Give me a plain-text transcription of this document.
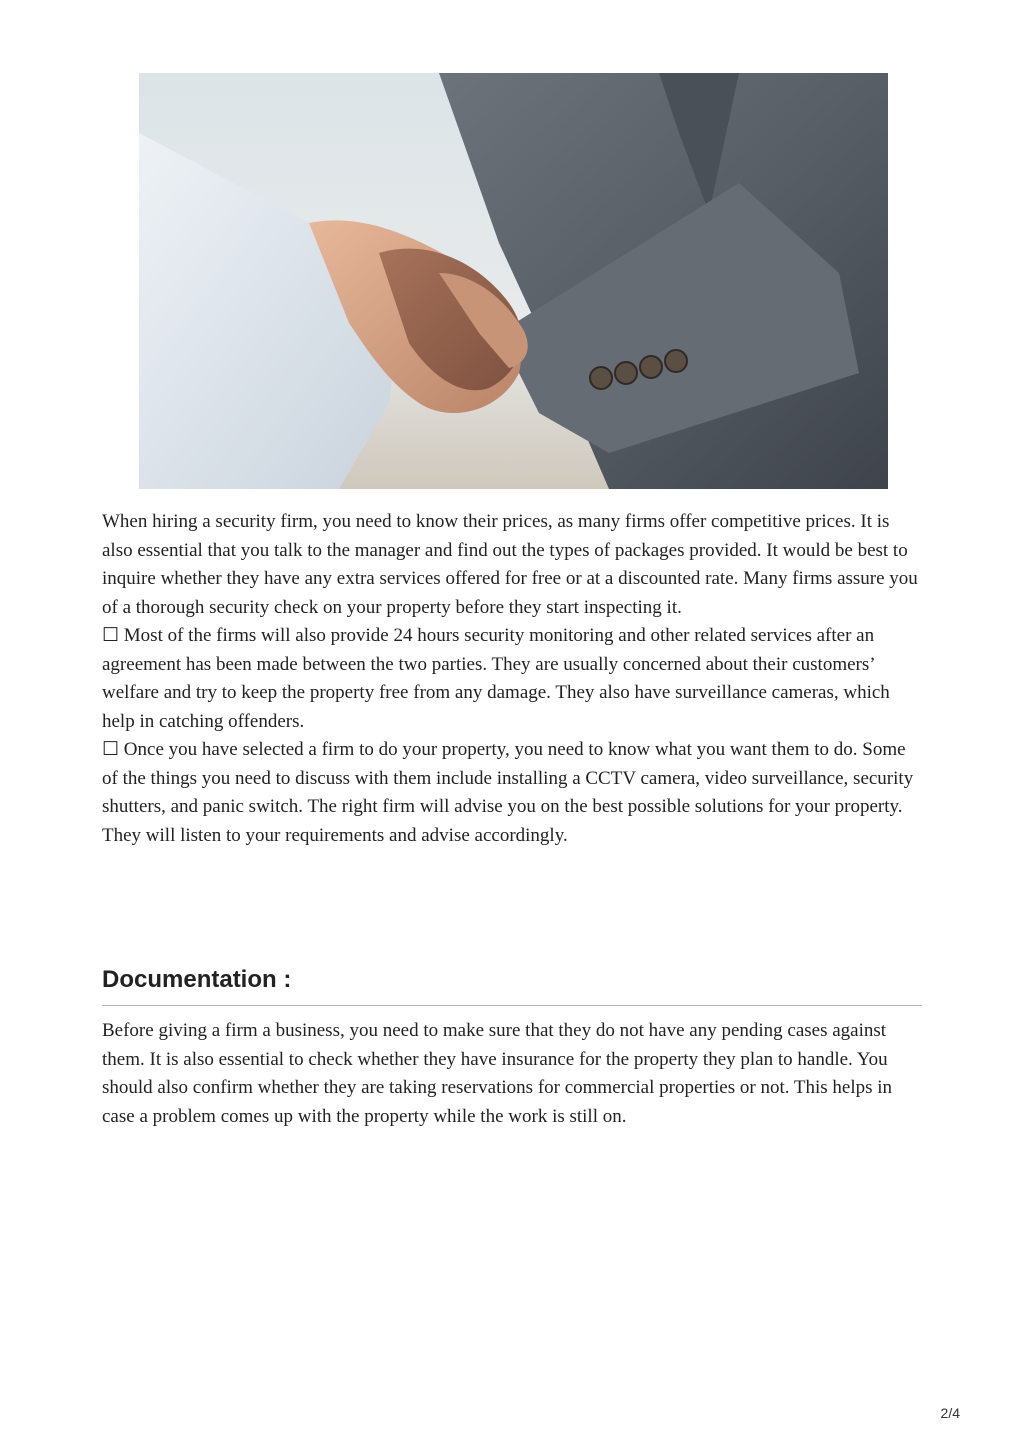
When hiring a security firm, you need to know their prices, as many firms offer competitive prices. It is also essential that you talk to the manager and find out the types of packages provided. It would be best to inquire whether they have any extra services offered for free or at a discounted rate. Many firms assure you of a thorough security check on your property before they start inspecting it.

☐ Most of the firms will also provide 24 hours security monitoring and other related services after an agreement has been made between the two parties. They are usually concerned about their customers’ welfare and try to keep the property free from any damage. They also have surveillance cameras, which help in catching offenders.

☐ Once you have selected a firm to do your property, you need to know what you want them to do. Some of the things you need to discuss with them include installing a CCTV camera, video surveillance, security shutters, and panic switch. The right firm will advise you on the best possible solutions for your property. They will listen to your requirements and advise accordingly.

Documentation :

Before giving a firm a business, you need to make sure that they do not have any pending cases against them. It is also essential to check whether they have insurance for the property they plan to handle. You should also confirm whether they are taking reservations for commercial properties or not. This helps in case a problem comes up with the property while the work is still on.

2/4
